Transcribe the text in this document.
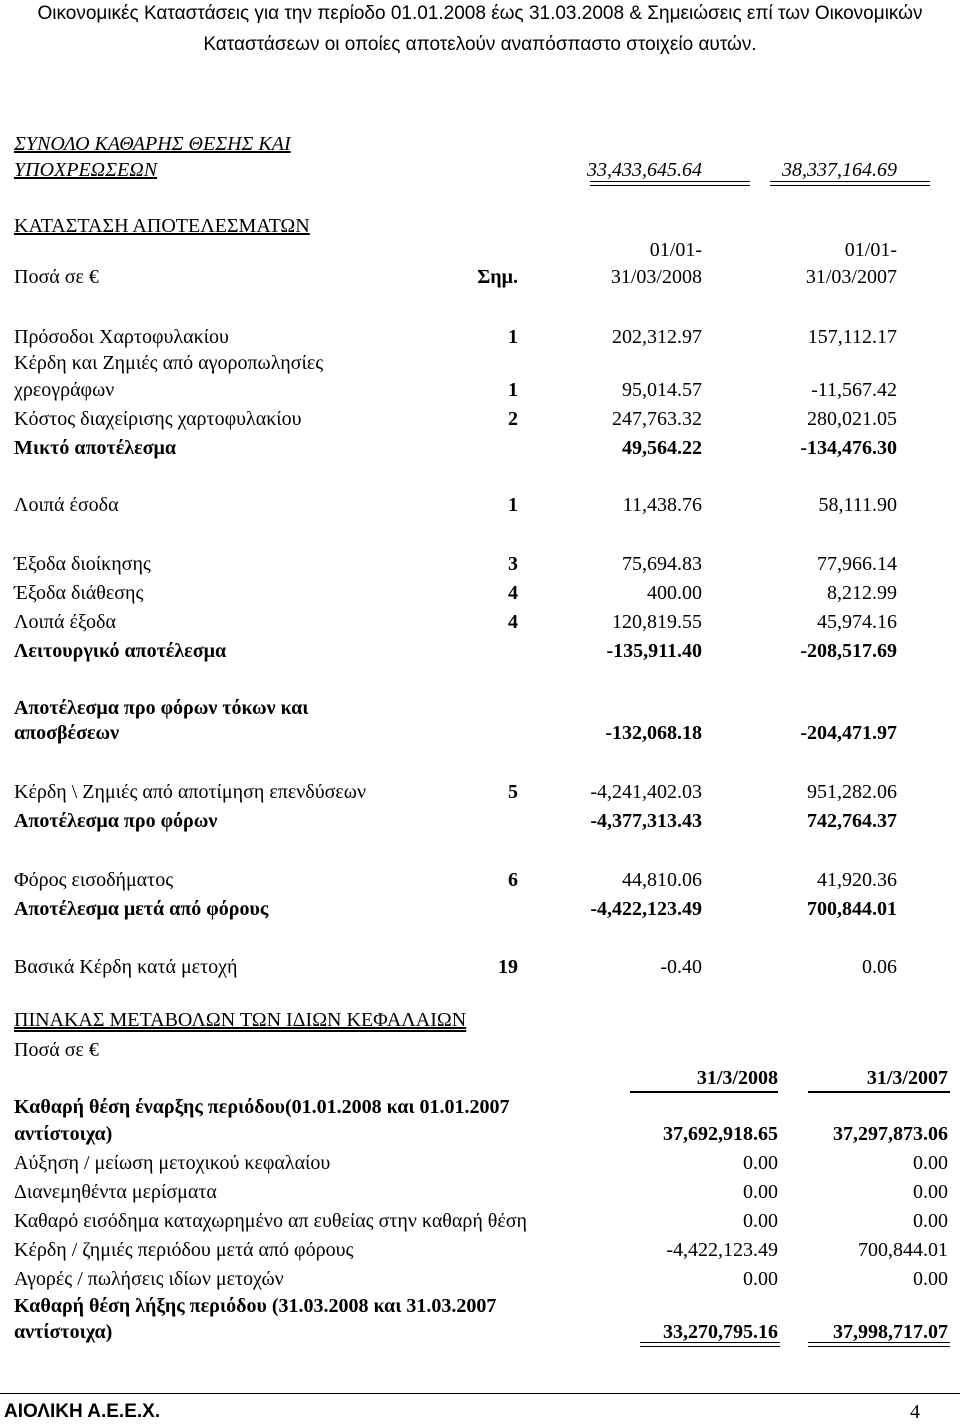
Οικονομικές Καταστάσεις για την περίοδο 01.01.2008 έως 31.03.2008 & Σημειώσεις επί των Οικονομικών
Καταστάσεων οι οποίες αποτελούν αναπόσπαστο στοιχείο αυτών.
ΣΥΝΟΛΟ ΚΑΘΑΡΗΣ ΘΕΣΗΣ ΚΑΙ
ΥΠΟΧΡΕΩΣΕΩΝ	33,433,645.64	38,337,164.69
ΚΑΤΑΣΤΑΣΗ ΑΠΟΤΕΛΕΣΜΑΤΩΝ
01/01-	01/01-
Ποσά σε €	Σημ.	31/03/2008	31/03/2007
Πρόσοδοι Χαρτοφυλακίου	1	202,312.97	157,112.17
Κέρδη και Ζημιές από αγοροπωλησίες
χρεογράφων	1	95,014.57	-11,567.42
Κόστος διαχείρισης χαρτοφυλακίου	2	247,763.32	280,021.05
Μικτό αποτέλεσμα	49,564.22	-134,476.30
Λοιπά έσοδα	1	11,438.76	58,111.90
Έξοδα διοίκησης	3	75,694.83	77,966.14
Έξοδα διάθεσης	4	400.00	8,212.99
Λοιπά έξοδα	4	120,819.55	45,974.16
Λειτουργικό αποτέλεσμα	-135,911.40	-208,517.69
Αποτέλεσμα προ φόρων τόκων και
αποσβέσεων	-132,068.18	-204,471.97
Κέρδη \ Ζημιές από αποτίμηση επενδύσεων	5	-4,241,402.03	951,282.06
Αποτέλεσμα προ φόρων	-4,377,313.43	742,764.37
Φόρος εισοδήματος	6	44,810.06	41,920.36
Αποτέλεσμα μετά από φόρους	-4,422,123.49	700,844.01
Βασικά Κέρδη κατά μετοχή	19	-0.40	0.06
ΠΙΝΑΚΑΣ ΜΕΤΑΒΟΛΩΝ ΤΩΝ ΙΔΙΩΝ ΚΕΦΑΛΑΙΩΝ
Ποσά σε €
31/3/2008	31/3/2007
Καθαρή θέση έναρξης περιόδου(01.01.2008 και 01.01.2007
αντίστοιχα)	37,692,918.65	37,297,873.06
Αύξηση / μείωση μετοχικού κεφαλαίου	0.00	0.00
Διανεμηθέντα μερίσματα	0.00	0.00
Καθαρό εισόδημα καταχωρημένο απ ευθείας στην καθαρή θέση	0.00	0.00
Κέρδη / ζημιές περιόδου μετά από φόρους	-4,422,123.49	700,844.01
Αγορές / πωλήσεις ιδίων μετοχών	0.00	0.00
Καθαρή θέση λήξης περιόδου (31.03.2008 και 31.03.2007
αντίστοιχα)	33,270,795.16	37,998,717.07
ΑΙΟΛΙΚΗ Α.Ε.Ε.Χ.	4
